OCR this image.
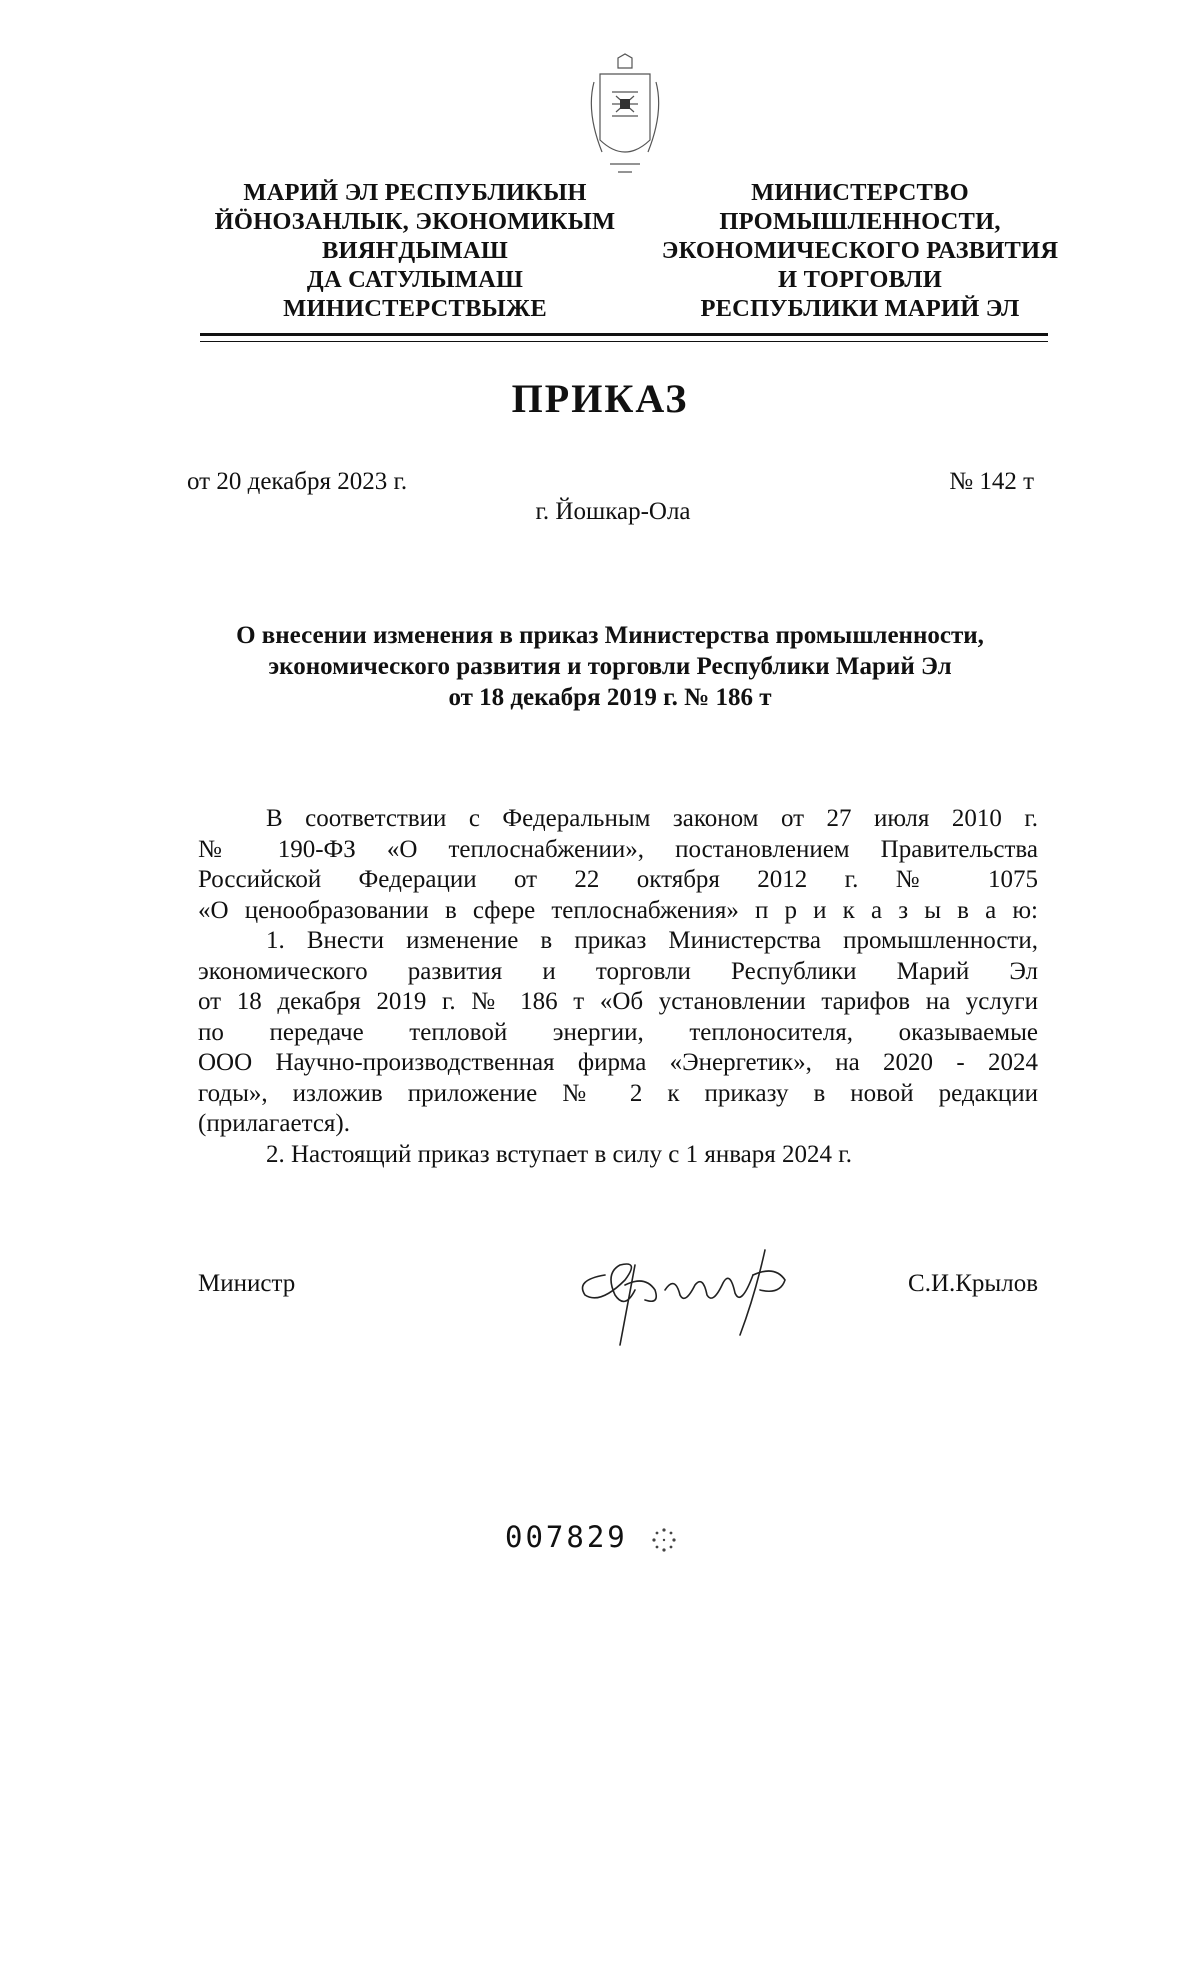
МАРИЙ ЭЛ РЕСПУБЛИКЫН
ЙӦНОЗАНЛЫК, ЭКОНОМИКЫМ
ВИЯҤДЫМАШ
ДА САТУЛЫМАШ
МИНИСТЕРСТВЫЖЕ
МИНИСТЕРСТВО
ПРОМЫШЛЕННОСТИ,
ЭКОНОМИЧЕСКОГО РАЗВИТИЯ
И ТОРГОВЛИ
РЕСПУБЛИКИ МАРИЙ ЭЛ
ПРИКАЗ
от 20 декабря 2023 г.	№ 142 т
г. Йошкар-Ола
О внесении изменения в приказ Министерства промышленности,
экономического развития и торговли Республики Марий Эл
от 18 декабря 2019 г. № 186 т
В соответствии с Федеральным законом от 27 июля 2010 г.
№ 190-ФЗ «О теплоснабжении», постановлением Правительства
Российской Федерации от 22 октября 2012 г. № 1075
«О ценообразовании в сфере теплоснабжения» п р и к а з ы в а ю:
1. Внести изменение в приказ Министерства промышленности,
экономического развития и торговли Республики Марий Эл
от 18 декабря 2019 г. № 186 т «Об установлении тарифов на услуги
по передаче тепловой энергии, теплоносителя, оказываемые
ООО Научно-производственная фирма «Энергетик», на 2020 - 2024
годы», изложив приложение № 2 к приказу в новой редакции
(прилагается).
2. Настоящий приказ вступает в силу с 1 января 2024 г.
Министр	С.И.Крылов
007829
